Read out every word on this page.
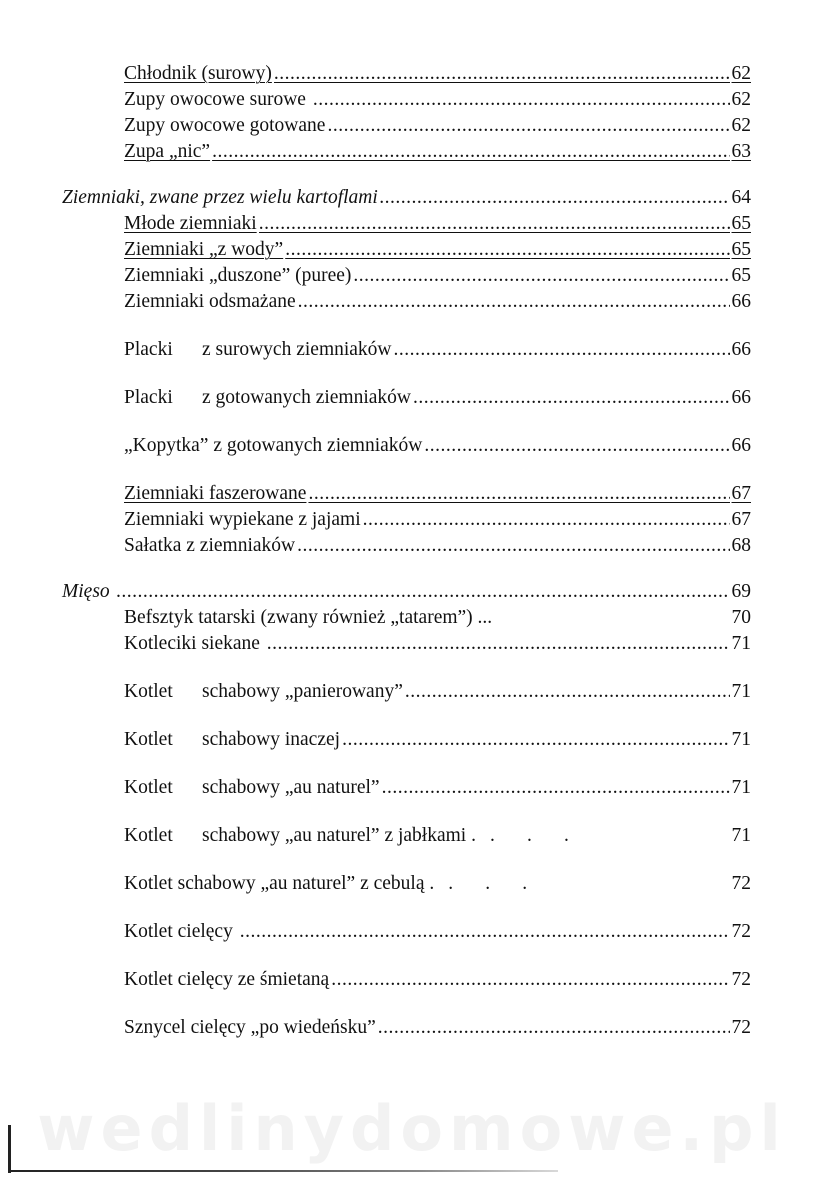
Chłodnik (surowy) .....	62
Zupy owocowe surowe .....	62
Zupy owocowe gotowane .....	62
Zupa „nic” .....	63
Ziemniaki, zwane przez wielu kartoflami .....	64
Młode ziemniaki .....	65
Ziemniaki „z wody” .....	65
Ziemniaki „duszone” (puree) .....	65
Ziemniaki odsmażane .....	66
Placki      z surowych ziemniaków .....	66
Placki      z gotowanych ziemniaków .....	66
„Kopytka” z gotowanych ziemniaków .....	66
Ziemniaki faszerowane .....	67
Ziemniaki wypiekane z jajami .....	67
Sałatka z ziemniaków .....	68
Mięso .....	69
Befsztyk tatarski (zwany również „tatarem”) ...	70
Kotleciki siekane .....	71
Kotlet      schabowy „panierowany” .....	71
Kotlet      schabowy inaczej .....	71
Kotlet      schabowy „au naturel” .....	71
Kotlet      schabowy „au naturel” z jabłkami . . . .	71
Kotlet schabowy „au naturel” z cebulą . . . .	72
Kotlet cielęcy .....	72
Kotlet cielęcy ze śmietaną .....	72
Sznycel cielęcy „po wiedeńsku” .....	72
wedlinydomowe.pl
